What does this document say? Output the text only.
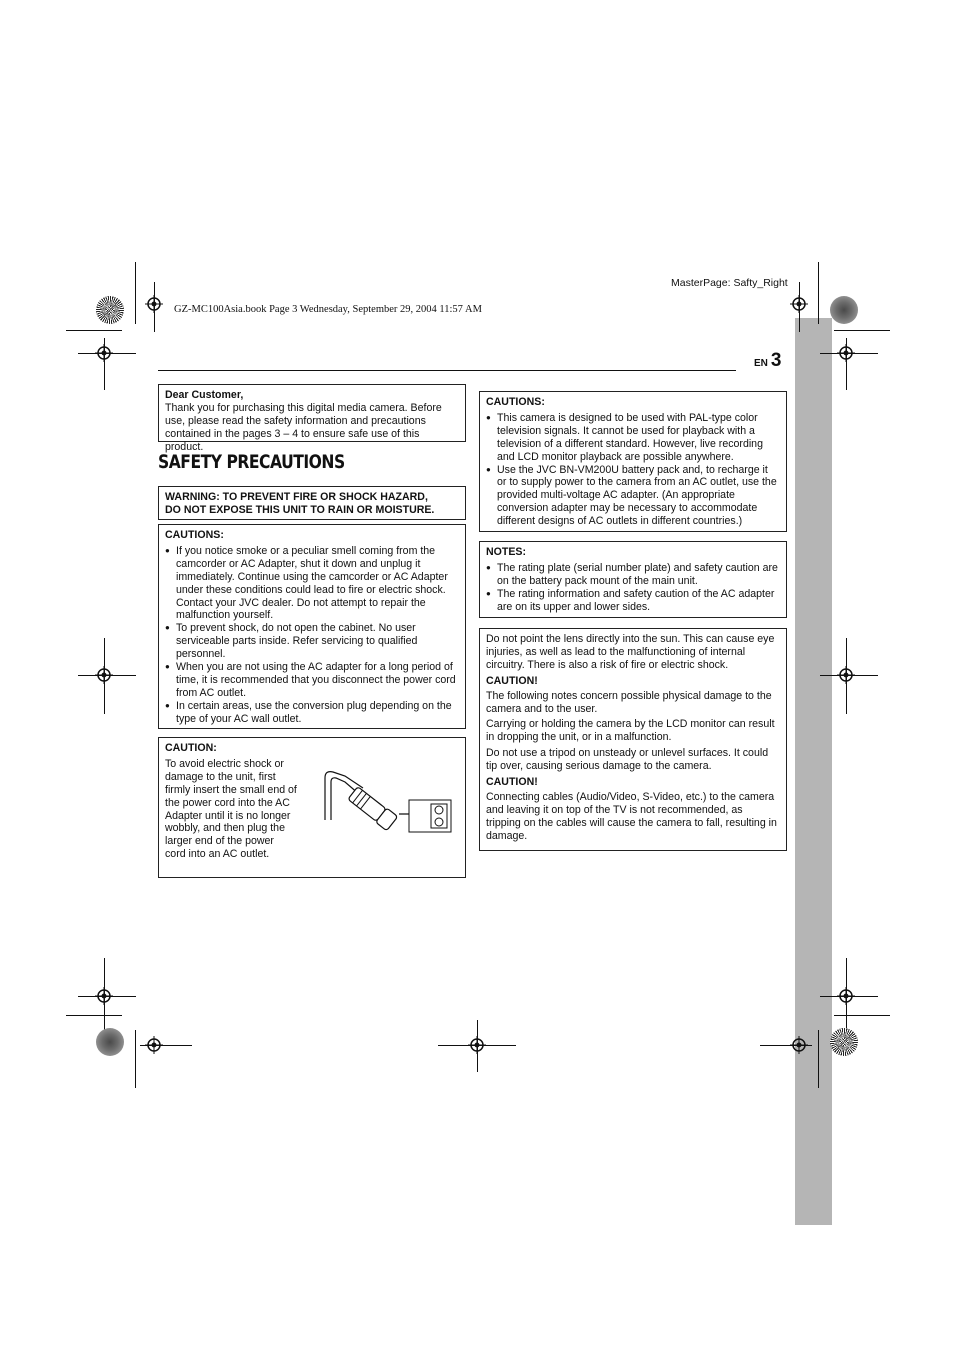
MasterPage: Safty_Right
GZ-MC100Asia.book Page 3 Wednesday, September 29, 2004 11:57 AM
EN 3
Dear Customer,
Thank you for purchasing this digital media camera. Before use, please read the safety information and precautions contained in the pages 3 – 4 to ensure safe use of this product.
SAFETY PRECAUTIONS
WARNING: TO PREVENT FIRE OR SHOCK HAZARD,
DO NOT EXPOSE THIS UNIT TO RAIN OR MOISTURE.
CAUTIONS:
● If you notice smoke or a peculiar smell coming from the camcorder or AC Adapter, shut it down and unplug it immediately. Continue using the camcorder or AC Adapter under these conditions could lead to fire or electric shock. Contact your JVC dealer. Do not attempt to repair the malfunction yourself.
● To prevent shock, do not open the cabinet. No user serviceable parts inside. Refer servicing to qualified personnel.
● When you are not using the AC adapter for a long period of time, it is recommended that you disconnect the power cord from AC outlet.
● In certain areas, use the conversion plug depending on the type of your AC wall outlet.
CAUTION:
To avoid electric shock or damage to the unit, first firmly insert the small end of the power cord into the AC Adapter until it is no longer wobbly, and then plug the larger end of the power cord into an AC outlet.
CAUTIONS:
● This camera is designed to be used with PAL-type color television signals. It cannot be used for playback with a television of a different standard. However, live recording and LCD monitor playback are possible anywhere.
● Use the JVC BN-VM200U battery pack and, to recharge it or to supply power to the camera from an AC outlet, use the provided multi-voltage AC adapter. (An appropriate conversion adapter may be necessary to accommodate different designs of AC outlets in different countries.)
NOTES:
● The rating plate (serial number plate) and safety caution are on the battery pack mount of the main unit.
● The rating information and safety caution of the AC adapter are on its upper and lower sides.

Do not point the lens directly into the sun. This can cause eye injuries, as well as lead to the malfunctioning of internal circuitry. There is also a risk of fire or electric shock.

CAUTION!

The following notes concern possible physical damage to the camera and to the user.

Carrying or holding the camera by the LCD monitor can result in dropping the unit, or in a malfunction.

Do not use a tripod on unsteady or unlevel surfaces. It could tip over, causing serious damage to the camera.

CAUTION!

Connecting cables (Audio/Video, S-Video, etc.) to the camera and leaving it on top of the TV is not recommended, as tripping on the cables will cause the camera to fall, resulting in damage.
